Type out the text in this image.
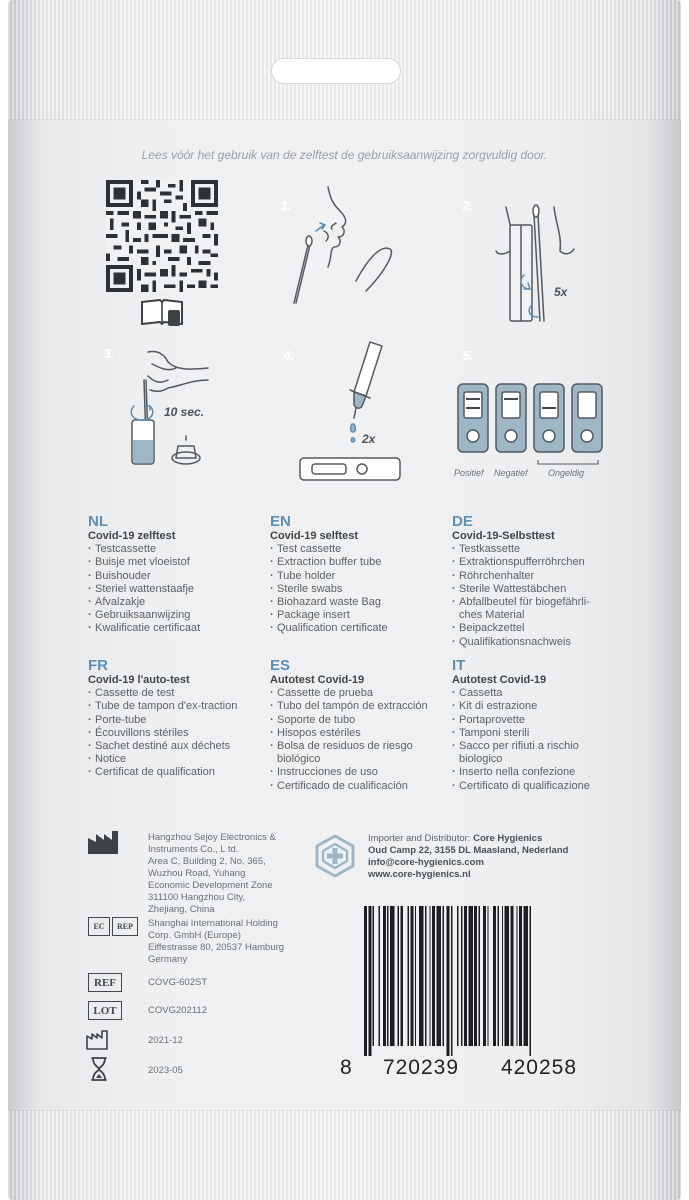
Lees vóór het gebruik van de zelftest de gebruiksaanwijzing zorgvuldig door.
1.	2.
5x
3.
10 sec.
4.
2x
5.
Positief Negatief Ongeldig
NL
Covid-19 zelftest
· Testcassette
· Buisje met vloeistof
· Buishouder
· Steriel wattenstaafje
· Afvalzakje
· Gebruiksaanwijzing
· Kwalificatie certificaat
EN
Covid-19 selftest
· Test cassette
· Extraction buffer tube
· Tube holder
· Sterile swabs
· Biohazard waste Bag
· Package insert
· Qualification certificate
DE
Covid-19-Selbsttest
· Testkassette
· Extraktionspufferröhrchen
· Röhrchenhalter
· Sterile Wattestäbchen
· Abfallbeutel für biogefährli-ches Material
· Beipackzettel
· Qualifikationsnachweis
FR
Covid-19 l'auto-test
· Cassette de test
· Tube de tampon d'ex-traction
· Porte-tube
· Écouvillons stériles
· Sachet destiné aux déchets
· Notice
· Certificat de qualification
ES
Autotest Covid-19
· Cassette de prueba
· Tubo del tampón de extracción
· Soporte de tubo
· Hisopos estériles
· Bolsa de residuos de riesgo biológico
· Instrucciones de uso
· Certificado de cualificación
IT
Autotest Covid-19
· Cassetta
· Kit di estrazione
· Portaprovette
· Tamponi sterili
· Sacco per rifiuti a rischio biologico
· Inserto nella confezione
· Certificato di qualificazione
Hangzhou Sejoy Electronics &
Instruments Co., L td.
Area C, Building 2, No. 365,
Wuzhou Road, Yuhang
Economic Development Zone
311100 Hangzhou City,
Zhejiang, China
EC	REP	Shanghai International Holding
Corp. GmbH (Europe)
Eiffestrasse 80, 20537 Hamburg
Germany
REF	COVG-602ST
LOT	COVG202112
2021-12
2023-05
Importer and Distributor: Core Hygienics
Oud Camp 22, 3155 DL Maasland, Nederland
info@core-hygienics.com
www.core-hygienics.nl
8	720239	420258
